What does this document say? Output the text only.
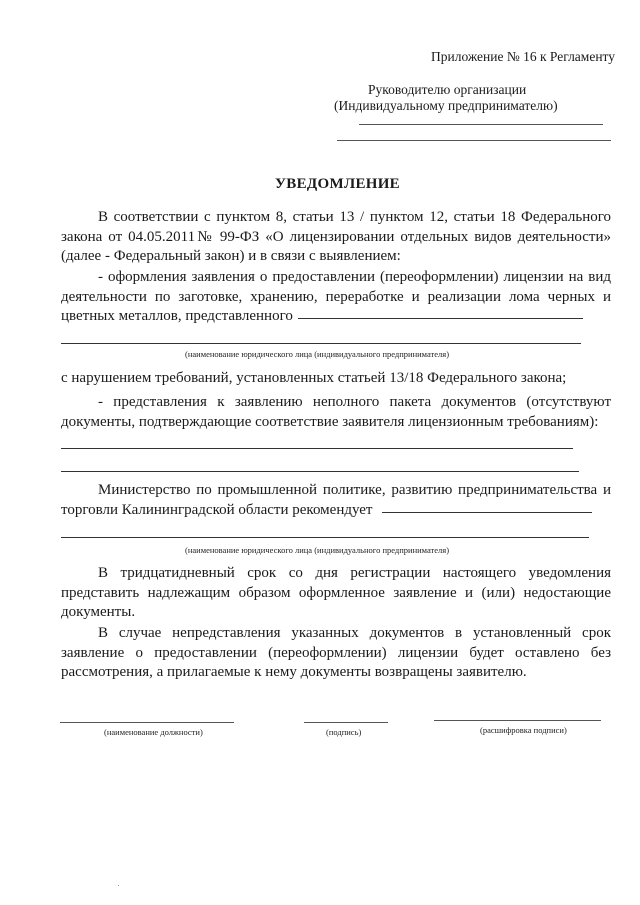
Приложение № 16 к Регламенту
Руководителю организации
(Индивидуальному предпринимателю)
УВЕДОМЛЕНИЕ
В соответствии с пунктом 8, статьи 13 / пунктом 12, статьи 18 Федерального закона от 04.05.2011№ 99-ФЗ «О лицензировании отдельных видов деятельности» (далее - Федеральный закон) и в связи с выявлением:
- оформления заявления о предоставлении (переоформлении) лицензии на вид деятельности по заготовке, хранению, переработке и реализации лома черных и цветных металлов, представленного
(наименование юридического лица (индивидуального предпринимателя)
с нарушением требований, установленных статьей 13/18 Федерального закона;
- представления к заявлению неполного пакета документов (отсутствуют документы, подтверждающие соответствие заявителя лицензионным требованиям):
Министерство по промышленной политике, развитию предпринимательства и торговли Калининградской области рекомендует
(наименование юридического лица (индивидуального предпринимателя)
В тридцатидневный срок со дня регистрации настоящего уведомления представить надлежащим образом оформленное заявление и (или) недостающие документы.
В случае непредставления указанных документов в установленный срок заявление о предоставлении (переоформлении) лицензии будет оставлено без рассмотрения, а прилагаемые к нему документы возвращены заявителю.
(наименование должности)	(подпись)	(расшифровка подписи)
